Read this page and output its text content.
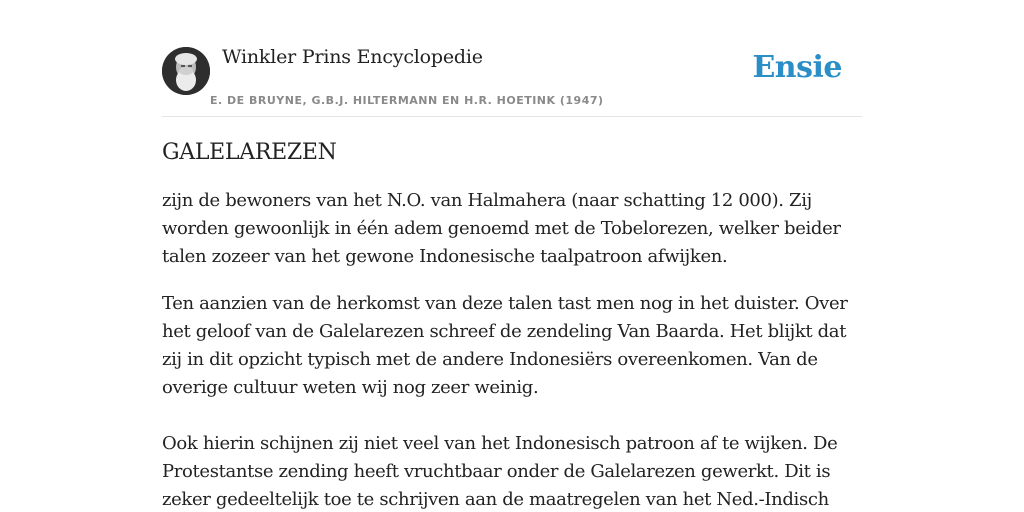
Winkler Prins Encyclopedie
E. DE BRUYNE, G.B.J. HILTERMANN EN H.R. HOETINK (1947)
Ensie
GALELAREZEN

zijn de bewoners van het N.O. van Halmahera (naar schatting 12 000). Zij worden gewoonlijk in één adem genoemd met de Tobelorezen, welker beider talen zozeer van het gewone Indonesische taalpatroon afwijken.

Ten aanzien van de herkomst van deze talen tast men nog in het duister. Over het geloof van de Galelarezen schreef de zendeling Van Baarda. Het blijkt dat zij in dit opzicht typisch met de andere Indonesiërs overeenkomen. Van de overige cultuur weten wij nog zeer weinig.

Ook hierin schijnen zij niet veel van het Indonesisch patroon af te wijken. De Protestantse zending heeft vruchtbaar onder de Galelarezen gewerkt. Dit is zeker gedeeltelijk toe te schrijven aan de maatregelen van het Ned.-Indisch
